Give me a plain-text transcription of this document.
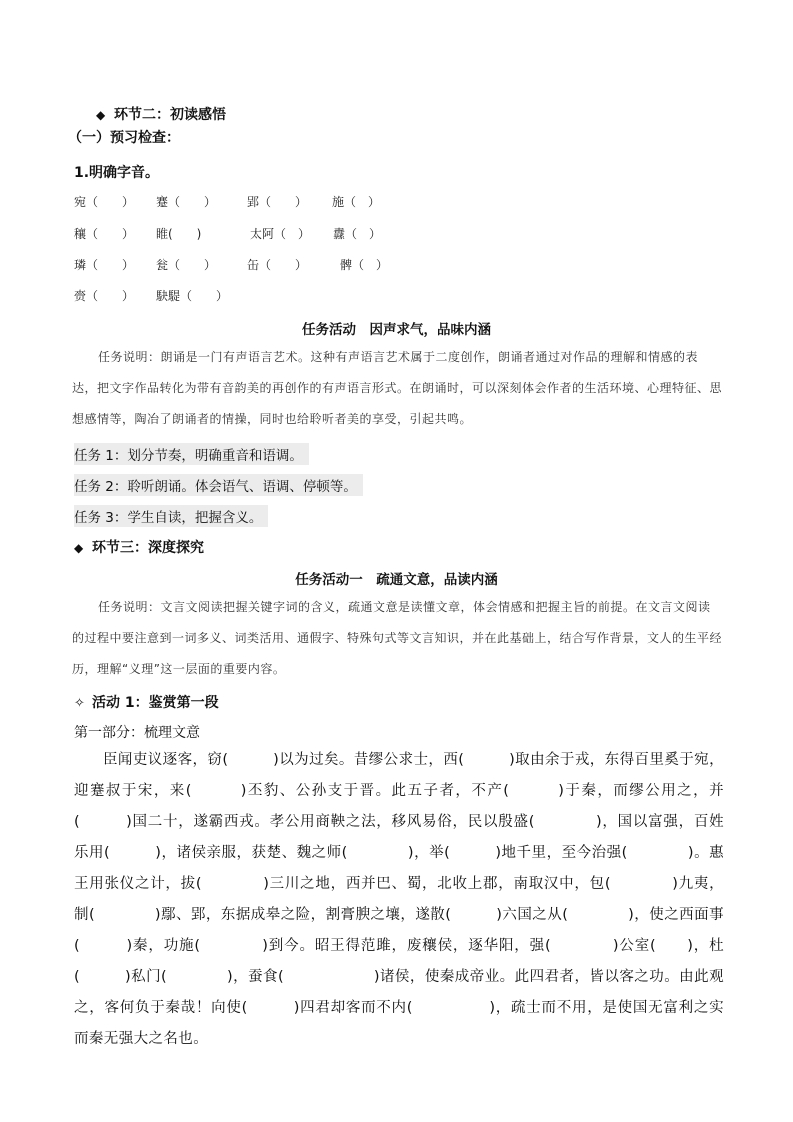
◆ 环节二：初读感悟
（一）预习检查：
1.明确字音。
宛（　　） 蹇（　　）	郢（　　） 施（　）
穰（　　） 睢(　　)	太阿（　） 纛（　）
璘（　　） 瓮（　　）	缶（　　）	髀（　）
赍（　　） 駃騠（　　）
任务活动　因声求气，品味内涵
任务说明：朗诵是一门有声语言艺术。这种有声语言艺术属于二度创作，朗诵者通过对作品的理解和情感的表达，把文字作品转化为带有音韵美的再创作的有声语言形式。在朗诵时，可以深刻体会作者的生活环境、心理特征、思想感情等，陶冶了朗诵者的情操，同时也给聆听者美的享受，引起共鸣。
任务 1：划分节奏，明确重音和语调。
任务 2：聆听朗诵。体会语气、语调、停顿等。
任务 3：学生自读，把握含义。
◆ 环节三：深度探究
任务活动一　疏通文意，品读内涵
任务说明：文言文阅读把握关键字词的含义，疏通文意是读懂文章，体会情感和把握主旨的前提。在文言文阅读的过程中要注意到一词多义、词类活用、通假字、特殊句式等文言知识，并在此基础上，结合写作背景，文人的生平经历，理解“义理”这一层面的重要内容。
✧ 活动 1：鉴赏第一段
第一部分：梳理文意
臣闻吏议逐客，窃(　　　)以为过矣。昔缪公求士，西(　　　)取由余于戎，东得百里奚于宛，迎蹇叔于宋，来(　　　)丕豹、公孙支于晋。此五子者，不产(　　　)于秦，而缪公用之，并(　　　)国二十，遂霸西戎。孝公用商鞅之法，移风易俗，民以殷盛(　　　　)，国以富强，百姓乐用(　　　)，诸侯亲服，获楚、魏之师(　　　　)，举(　　　)地千里，至今治强(　　　　)。惠王用张仪之计，拔(　　　　)三川之地，西并巴、蜀，北收上郡，南取汉中，包(　　　　)九夷，制(　　　　)鄢、郢，东据成皋之险，割膏腴之壤，遂散(　　　)六国之从(　　　　)，使之西面事(　　　)秦，功施(　　　　)到今。昭王得范雎，废穰侯，逐华阳，强(　　　　)公室(　　)，杜(　　　)私门(　　　　)，蚕食(　　　　　　)诸侯，使秦成帝业。此四君者，皆以客之功。由此观之，客何负于秦哉！向使(　　　)四君却客而不内(　　　　　)，疏士而不用，是使国无富利之实而秦无强大之名也。
